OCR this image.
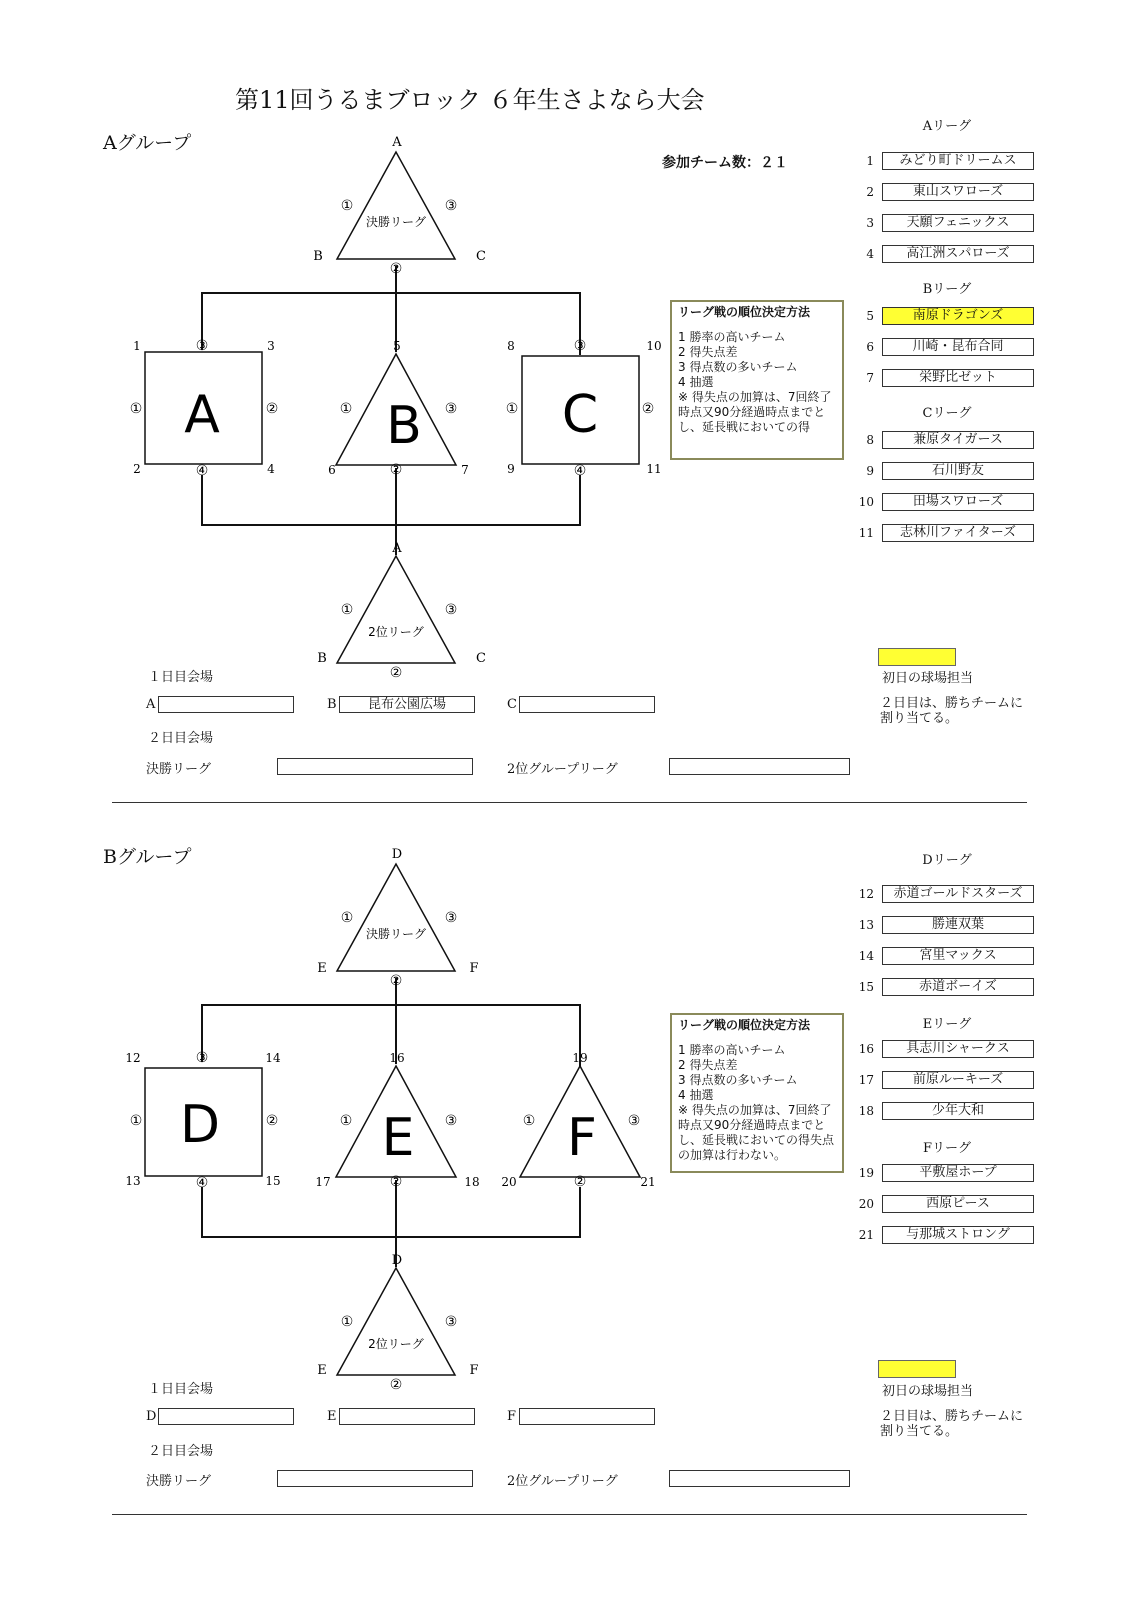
第11回うるまブロック ６年生さよなら大会
参加チーム数：２１
Aグループ
決勝リーグ
A
B	C
①	③
②
A
1	3
2	4
③
①	②
④
B
5
6	7
①	③
②
C
8	10
9	11
③
①	②
④
2位リーグ
A
B	C
①	③
②
リーグ戦の順位決定方法
1 勝率の高いチーム
2 得失点差
3 得点数の多いチーム
4 抽選
※ 得失点の加算は、7回終了時点又90分経過時点までとし、延長戦においての得
Aリーグ
1	みどり町ドリームス
2	東山スワローズ
3	天願フェニックス
4	高江洲スパローズ
Bリーグ
5	南原ドラゴンズ
6	川崎・昆布合同
7	栄野比ゼット
Cリーグ
8	兼原タイガース
9	石川野友
10	田場スワローズ
11	志林川ファイターズ
１日目会場
A	B	昆布公園広場	C
２日目会場
決勝リーグ	2位グループリーグ
初日の球場担当
２日目は、勝ちチームに割り当てる。
Bグループ
決勝リーグ
D
E	F
①	③
②
D
12	14
13	15
③
①	②
④
E
16
17	18
①	③
②
F
19
20	21
①	③
②
2位リーグ
D
E	F
①	③
②
リーグ戦の順位決定方法
1 勝率の高いチーム
2 得失点差
3 得点数の多いチーム
4 抽選
※ 得失点の加算は、7回終了時点又90分経過時点までとし、延長戦においての得失点の加算は行わない。
Dリーグ
12	赤道ゴールドスターズ
13	勝連双葉
14	宮里マックス
15	赤道ボーイズ
Eリーグ
16	具志川シャークス
17	前原ルーキーズ
18	少年大和
Fリーグ
19	平敷屋ホープ
20	西原ピース
21	与那城ストロング
１日目会場
D	E	F
２日目会場
決勝リーグ	2位グループリーグ
初日の球場担当
２日目は、勝ちチームに割り当てる。
